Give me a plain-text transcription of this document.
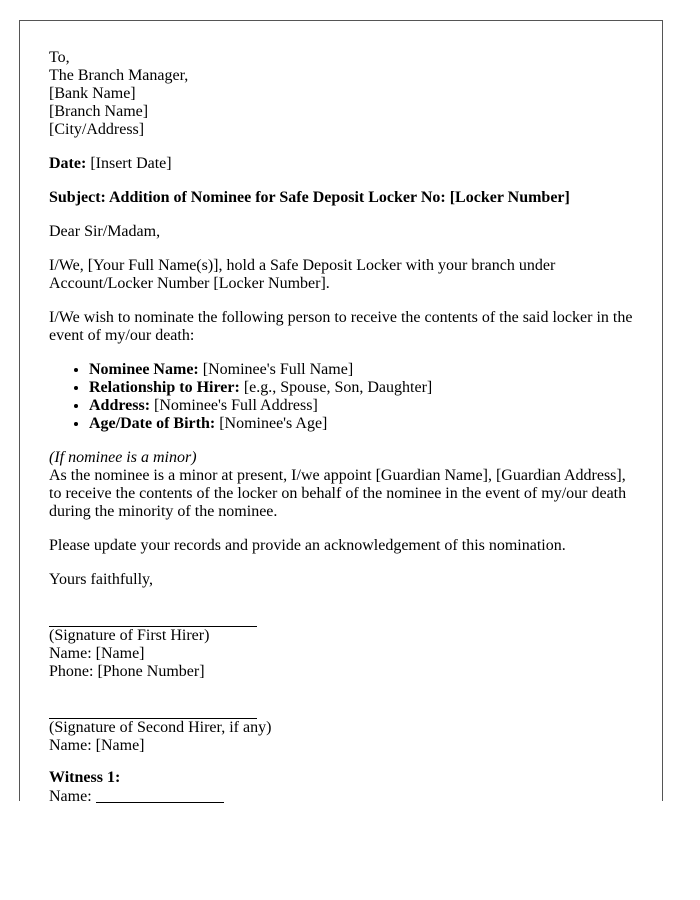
To,
The Branch Manager,
[Bank Name]
[Branch Name]
[City/Address]

Date: [Insert Date]

Subject: Addition of Nominee for Safe Deposit Locker No: [Locker Number]

Dear Sir/Madam,

I/We, [Your Full Name(s)], hold a Safe Deposit Locker with your branch under Account/Locker Number [Locker Number].

I/We wish to nominate the following person to receive the contents of the said locker in the event of my/our death:

• Nominee Name: [Nominee's Full Name]
• Relationship to Hirer: [e.g., Spouse, Son, Daughter]
• Address: [Nominee's Full Address]
• Age/Date of Birth: [Nominee's Age]

(If nominee is a minor)
As the nominee is a minor at present, I/we appoint [Guardian Name], [Guardian Address], to receive the contents of the locker on behalf of the nominee in the event of my/our death during the minority of the nominee.

Please update your records and provide an acknowledgement of this nomination.

Yours faithfully,

(Signature of First Hirer)
Name: [Name]
Phone: [Phone Number]
(Signature of Second Hirer, if any)
Name: [Name]

Witness 1:
Name:
